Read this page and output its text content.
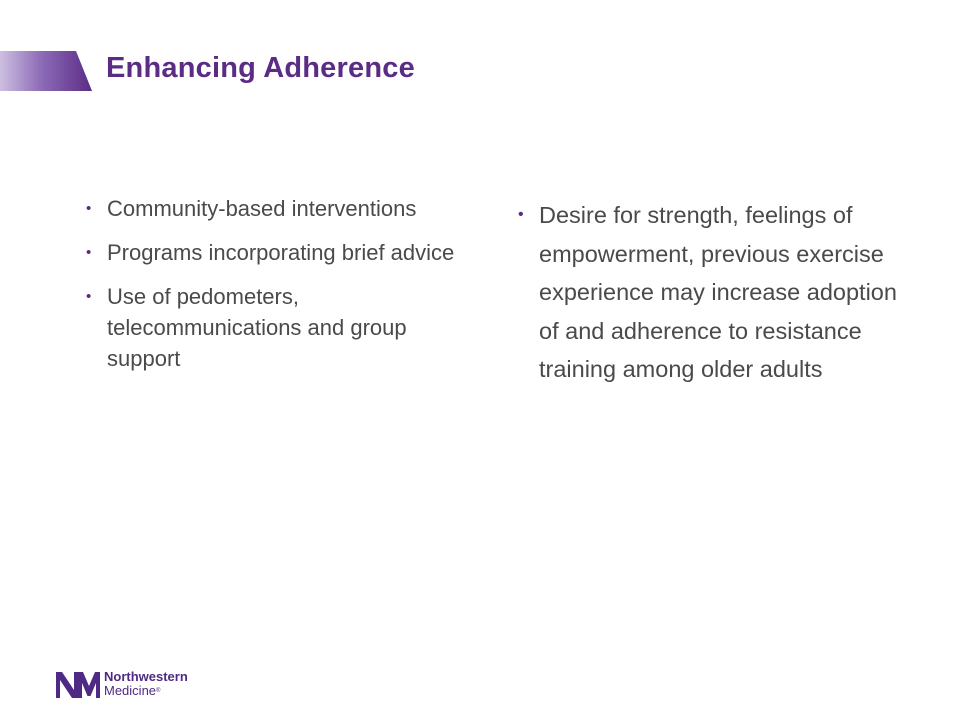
Enhancing Adherence
• Community-based interventions
• Programs incorporating brief advice
• Use of pedometers, telecommunications and group support
• Desire for strength, feelings of empowerment, previous exercise experience may increase adoption of and adherence to resistance training among older adults
Northwestern
Medicine®
